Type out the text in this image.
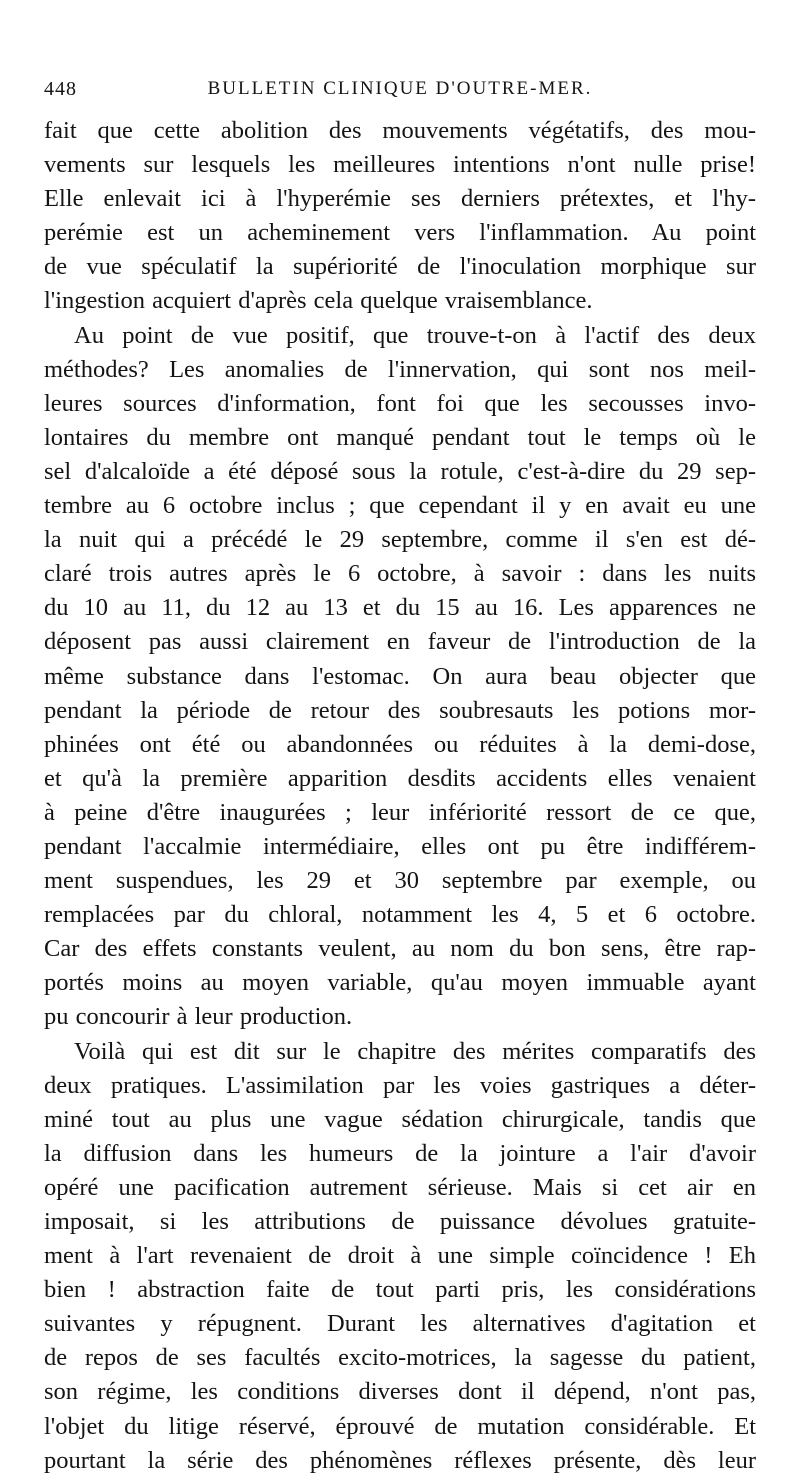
448	BULLETIN CLINIQUE D'OUTRE-MER.
fait que cette abolition des mouvements végétatifs, des mou-
vements sur lesquels les meilleures intentions n'ont nulle prise!
Elle enlevait ici à l'hyperémie ses derniers prétextes, et l'hy-
perémie est un acheminement vers l'inflammation. Au point
de vue spéculatif la supériorité de l'inoculation morphique sur
l'ingestion acquiert d'après cela quelque vraisemblance.
Au point de vue positif, que trouve-t-on à l'actif des deux
méthodes? Les anomalies de l'innervation, qui sont nos meil-
leures sources d'information, font foi que les secousses invo-
lontaires du membre ont manqué pendant tout le temps où le
sel d'alcaloïde a été déposé sous la rotule, c'est-à-dire du 29 sep-
tembre au 6 octobre inclus ; que cependant il y en avait eu une
la nuit qui a précédé le 29 septembre, comme il s'en est dé-
claré trois autres après le 6 octobre, à savoir : dans les nuits
du 10 au 11, du 12 au 13 et du 15 au 16. Les apparences ne
déposent pas aussi clairement en faveur de l'introduction de la
même substance dans l'estomac. On aura beau objecter que
pendant la période de retour des soubresauts les potions mor-
phinées ont été ou abandonnées ou réduites à la demi-dose,
et qu'à la première apparition desdits accidents elles venaient
à peine d'être inaugurées ; leur infériorité ressort de ce que,
pendant l'accalmie intermédiaire, elles ont pu être indifférem-
ment suspendues, les 29 et 30 septembre par exemple, ou
remplacées par du chloral, notamment les 4, 5 et 6 octobre.
Car des effets constants veulent, au nom du bon sens, être rap-
portés moins au moyen variable, qu'au moyen immuable ayant
pu concourir à leur production.
Voilà qui est dit sur le chapitre des mérites comparatifs des
deux pratiques. L'assimilation par les voies gastriques a déter-
miné tout au plus une vague sédation chirurgicale, tandis que
la diffusion dans les humeurs de la jointure a l'air d'avoir
opéré une pacification autrement sérieuse. Mais si cet air en
imposait, si les attributions de puissance dévolues gratuite-
ment à l'art revenaient de droit à une simple coïncidence ! Eh
bien ! abstraction faite de tout parti pris, les considérations
suivantes y répugnent. Durant les alternatives d'agitation et
de repos de ses facultés excito-motrices, la sagesse du patient,
son régime, les conditions diverses dont il dépend, n'ont pas,
l'objet du litige réservé, éprouvé de mutation considérable. Et
pourtant la série des phénomènes réflexes présente, dès leur
